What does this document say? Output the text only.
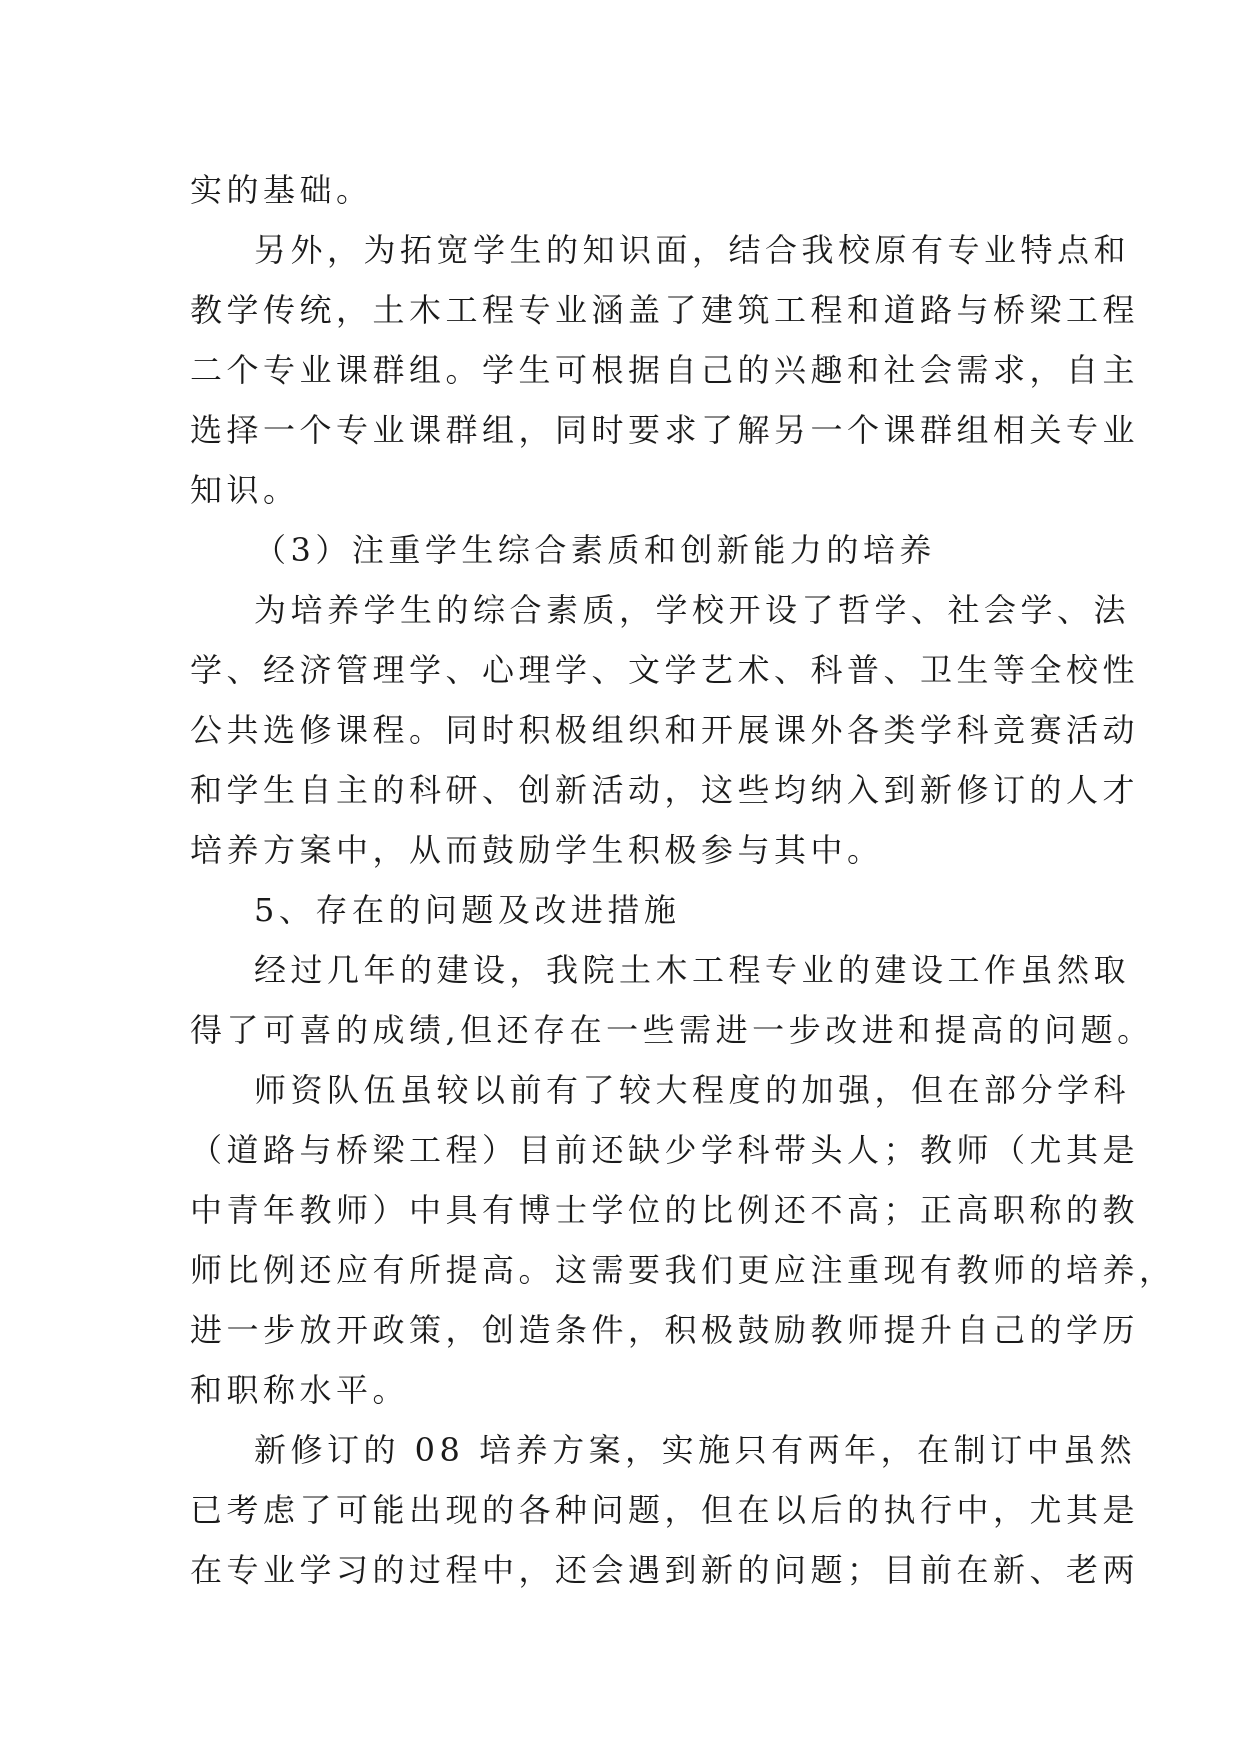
实的基础。
另外，为拓宽学生的知识面，结合我校原有专业特点和
教学传统，土木工程专业涵盖了建筑工程和道路与桥梁工程
二个专业课群组。学生可根据自己的兴趣和社会需求，自主
选择一个专业课群组，同时要求了解另一个课群组相关专业
知识。
（3）注重学生综合素质和创新能力的培养
为培养学生的综合素质，学校开设了哲学、社会学、法
学、经济管理学、心理学、文学艺术、科普、卫生等全校性
公共选修课程。同时积极组织和开展课外各类学科竞赛活动
和学生自主的科研、创新活动，这些均纳入到新修订的人才
培养方案中，从而鼓励学生积极参与其中。
5、存在的问题及改进措施
经过几年的建设，我院土木工程专业的建设工作虽然取
得了可喜的成绩,但还存在一些需进一步改进和提高的问题。
师资队伍虽较以前有了较大程度的加强，但在部分学科
（道路与桥梁工程）目前还缺少学科带头人；教师（尤其是
中青年教师）中具有博士学位的比例还不高；正高职称的教
师比例还应有所提高。这需要我们更应注重现有教师的培养，
进一步放开政策，创造条件，积极鼓励教师提升自己的学历
和职称水平。
新修订的 08 培养方案，实施只有两年，在制订中虽然
已考虑了可能出现的各种问题，但在以后的执行中，尤其是
在专业学习的过程中，还会遇到新的问题；目前在新、老两
